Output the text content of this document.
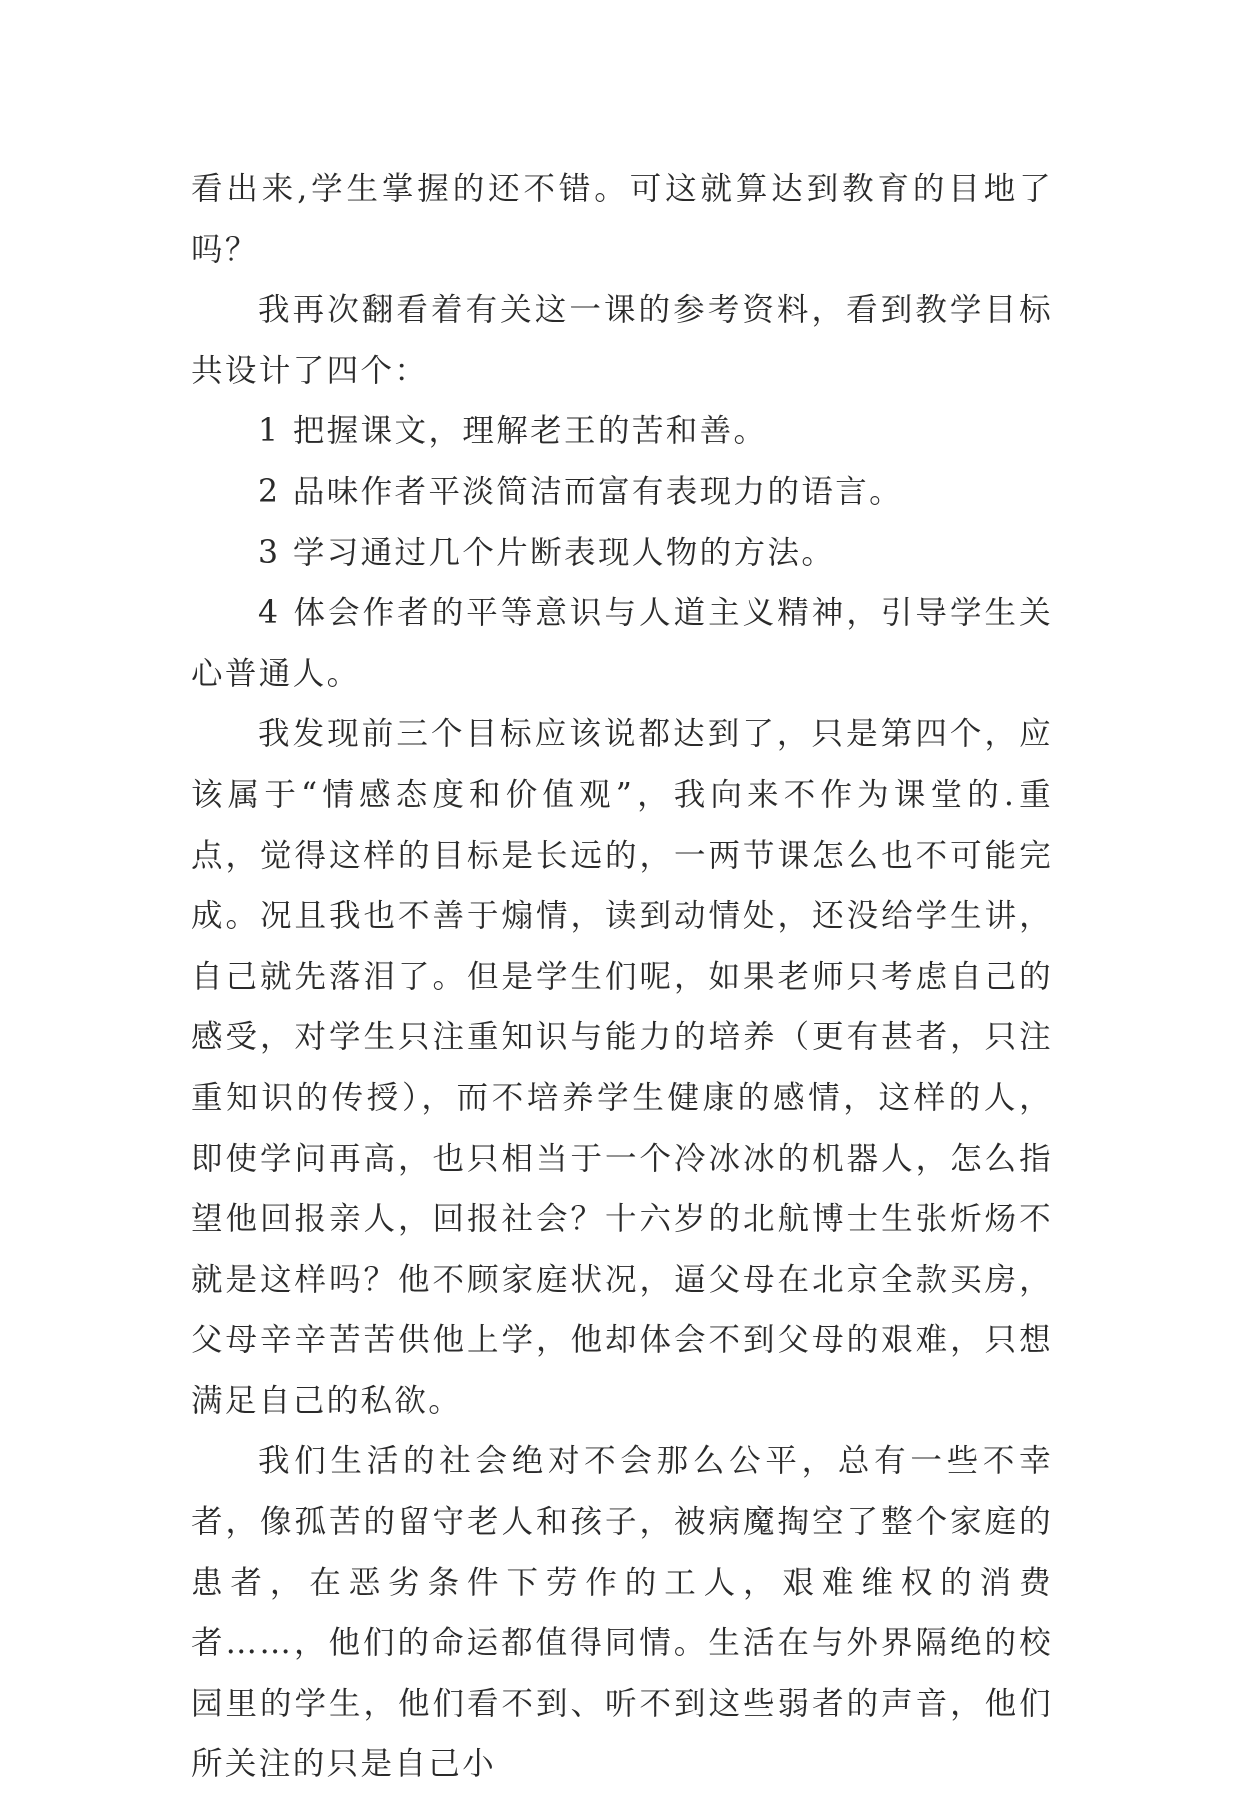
看出来,学生掌握的还不错。可这就算达到教育的目地了吗？

我再次翻看着有关这一课的参考资料，看到教学目标共设计了四个：

1 把握课文，理解老王的苦和善。

2 品味作者平淡简洁而富有表现力的语言。

3 学习通过几个片断表现人物的方法。

4 体会作者的平等意识与人道主义精神，引导学生关心普通人。

我发现前三个目标应该说都达到了，只是第四个，应该属于“情感态度和价值观”，我向来不作为课堂的.重点，觉得这样的目标是长远的，一两节课怎么也不可能完成。况且我也不善于煽情，读到动情处，还没给学生讲，自己就先落泪了。但是学生们呢，如果老师只考虑自己的感受，对学生只注重知识与能力的培养（更有甚者，只注重知识的传授），而不培养学生健康的感情，这样的人，即使学问再高，也只相当于一个冷冰冰的机器人，怎么指望他回报亲人，回报社会？十六岁的北航博士生张炘炀不就是这样吗？他不顾家庭状况，逼父母在北京全款买房，父母辛辛苦苦供他上学，他却体会不到父母的艰难，只想满足自己的私欲。

我们生活的社会绝对不会那么公平，总有一些不幸者，像孤苦的留守老人和孩子，被病魔掏空了整个家庭的患者，在恶劣条件下劳作的工人，艰难维权的消费者……，他们的命运都值得同情。生活在与外界隔绝的校园里的学生，他们看不到、听不到这些弱者的声音，他们所关注的只是自己小
